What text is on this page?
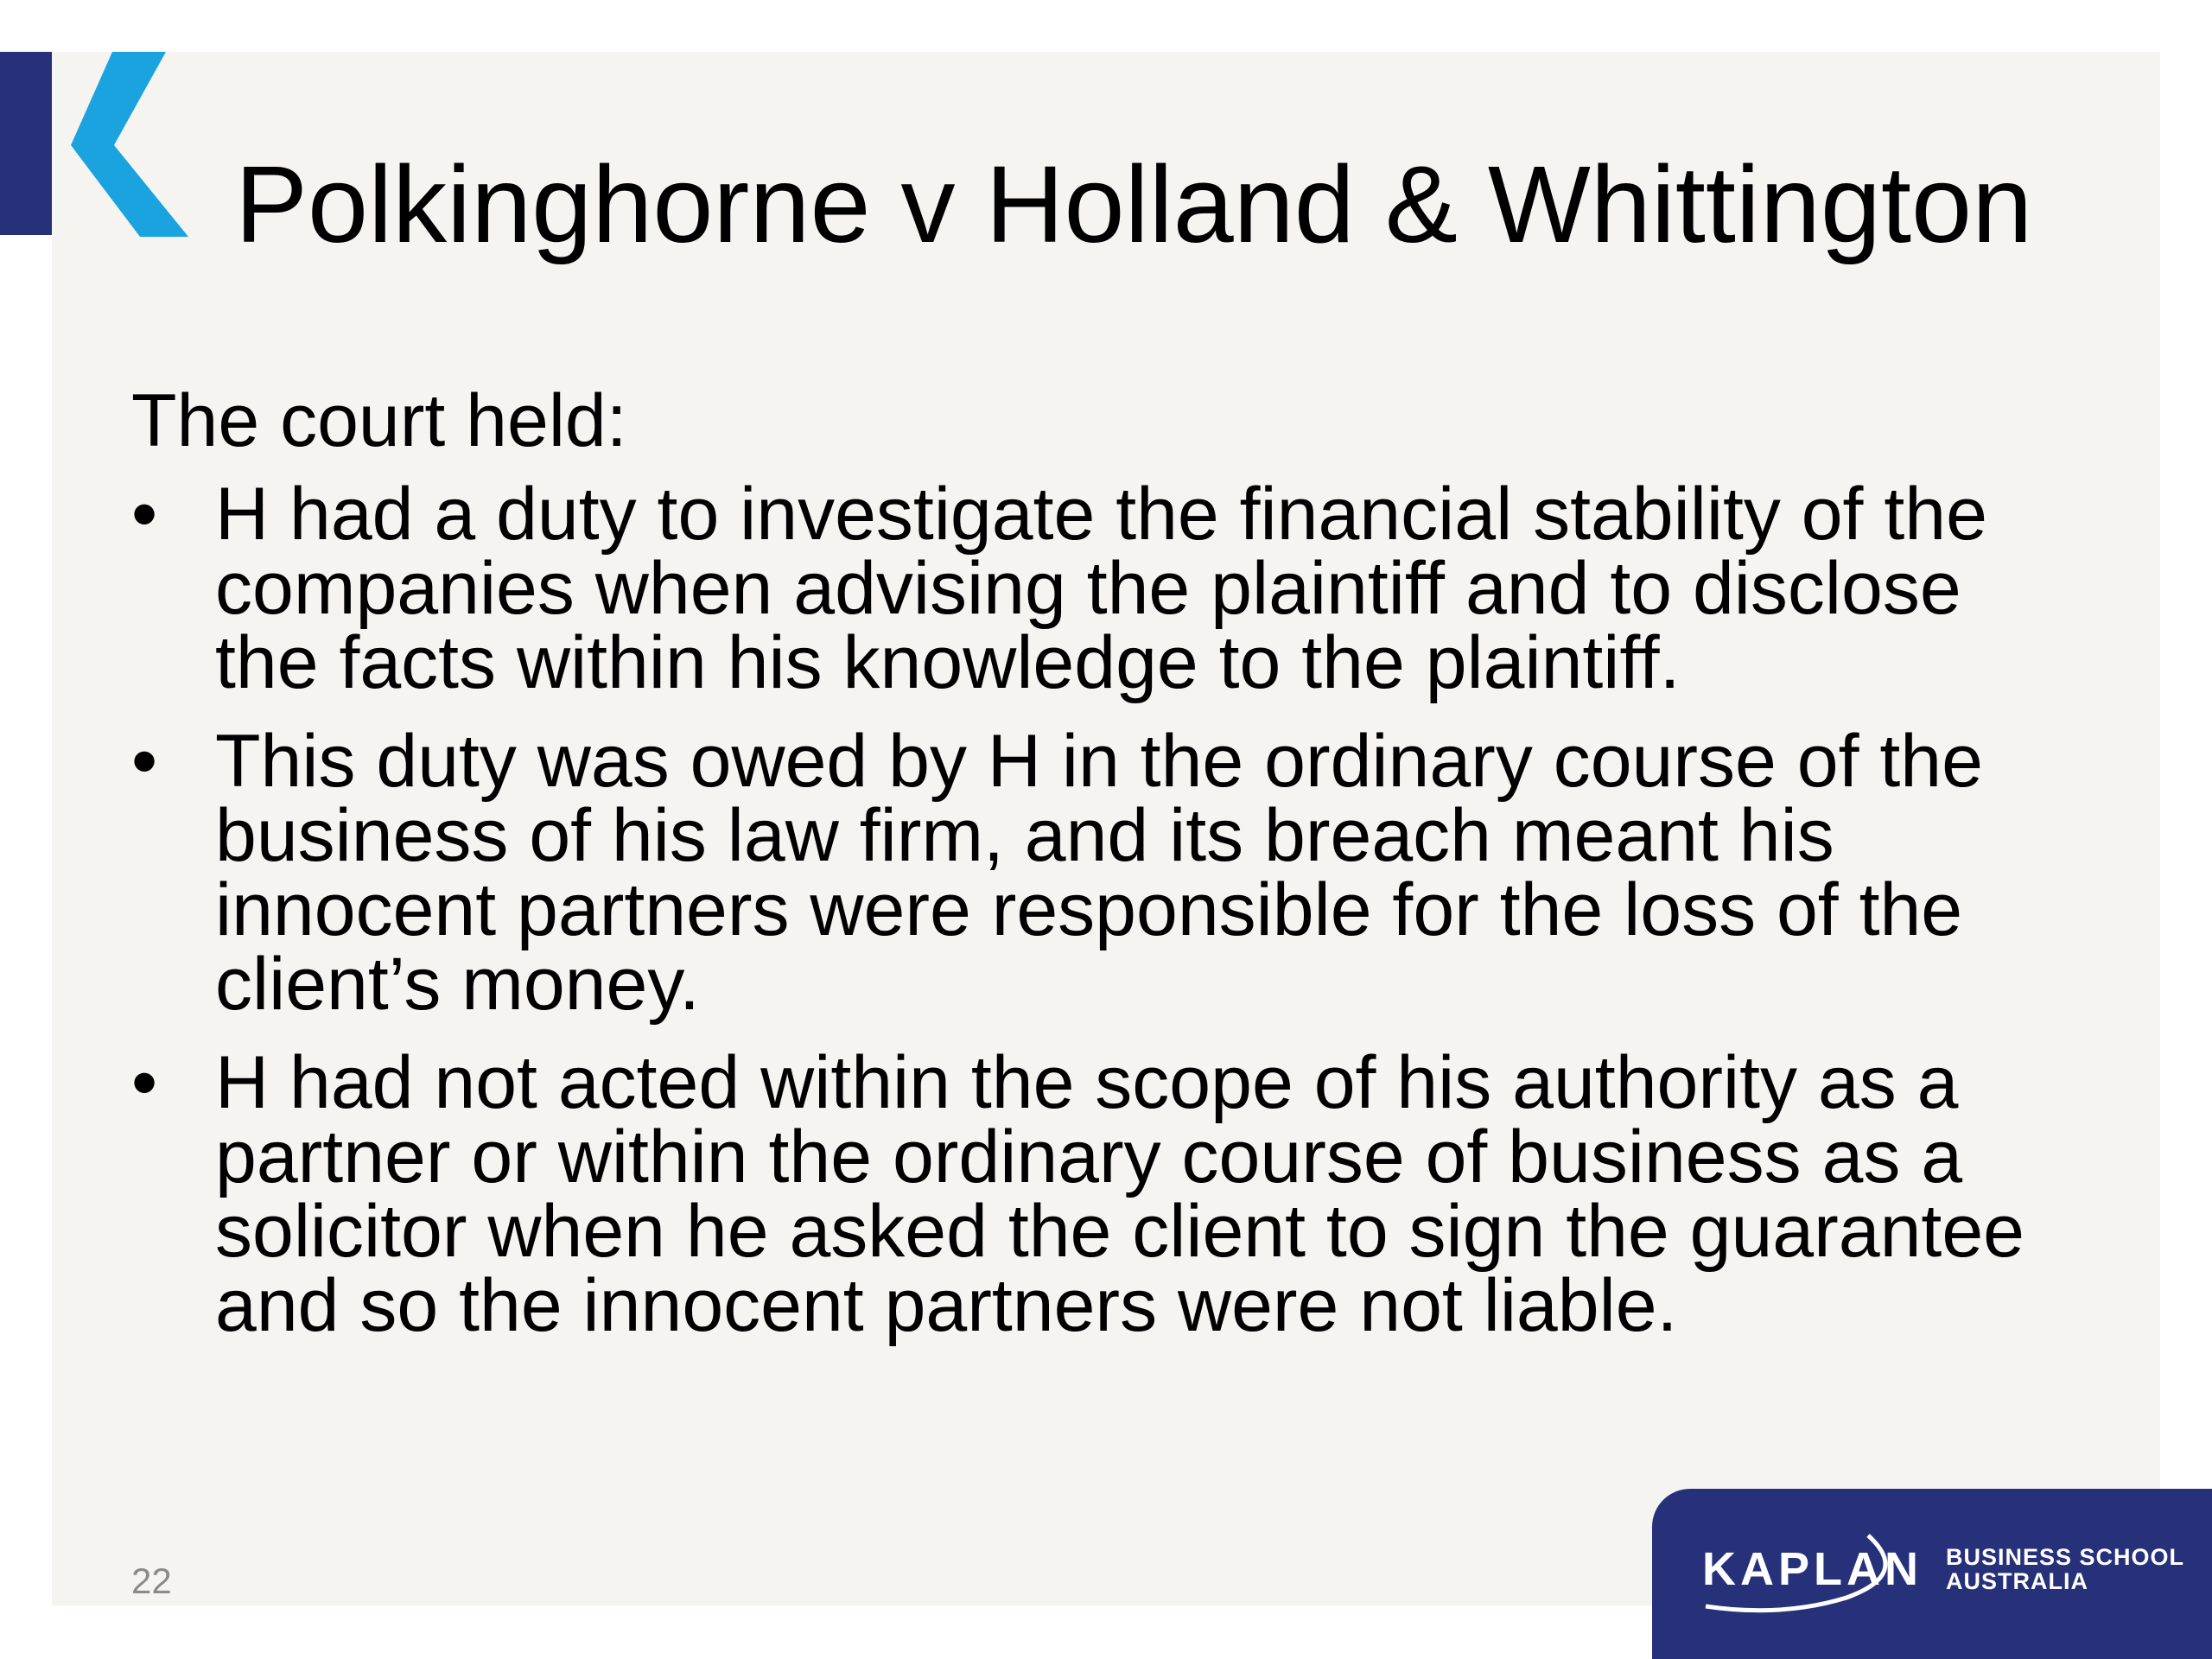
Polkinghorne v Holland & Whittington

The court held:

• H had a duty to investigate the financial stability of the companies when advising the plaintiff and to disclose the facts within his knowledge to the plaintiff.
• This duty was owed by H in the ordinary course of the business of his law firm, and its breach meant his innocent partners were responsible for the loss of the client’s money.
• H had not acted within the scope of his authority as a partner or within the ordinary course of business as a solicitor when he asked the client to sign the guarantee and so the innocent partners were not liable.
22	KAPLAN BUSINESS SCHOOL
AUSTRALIA
